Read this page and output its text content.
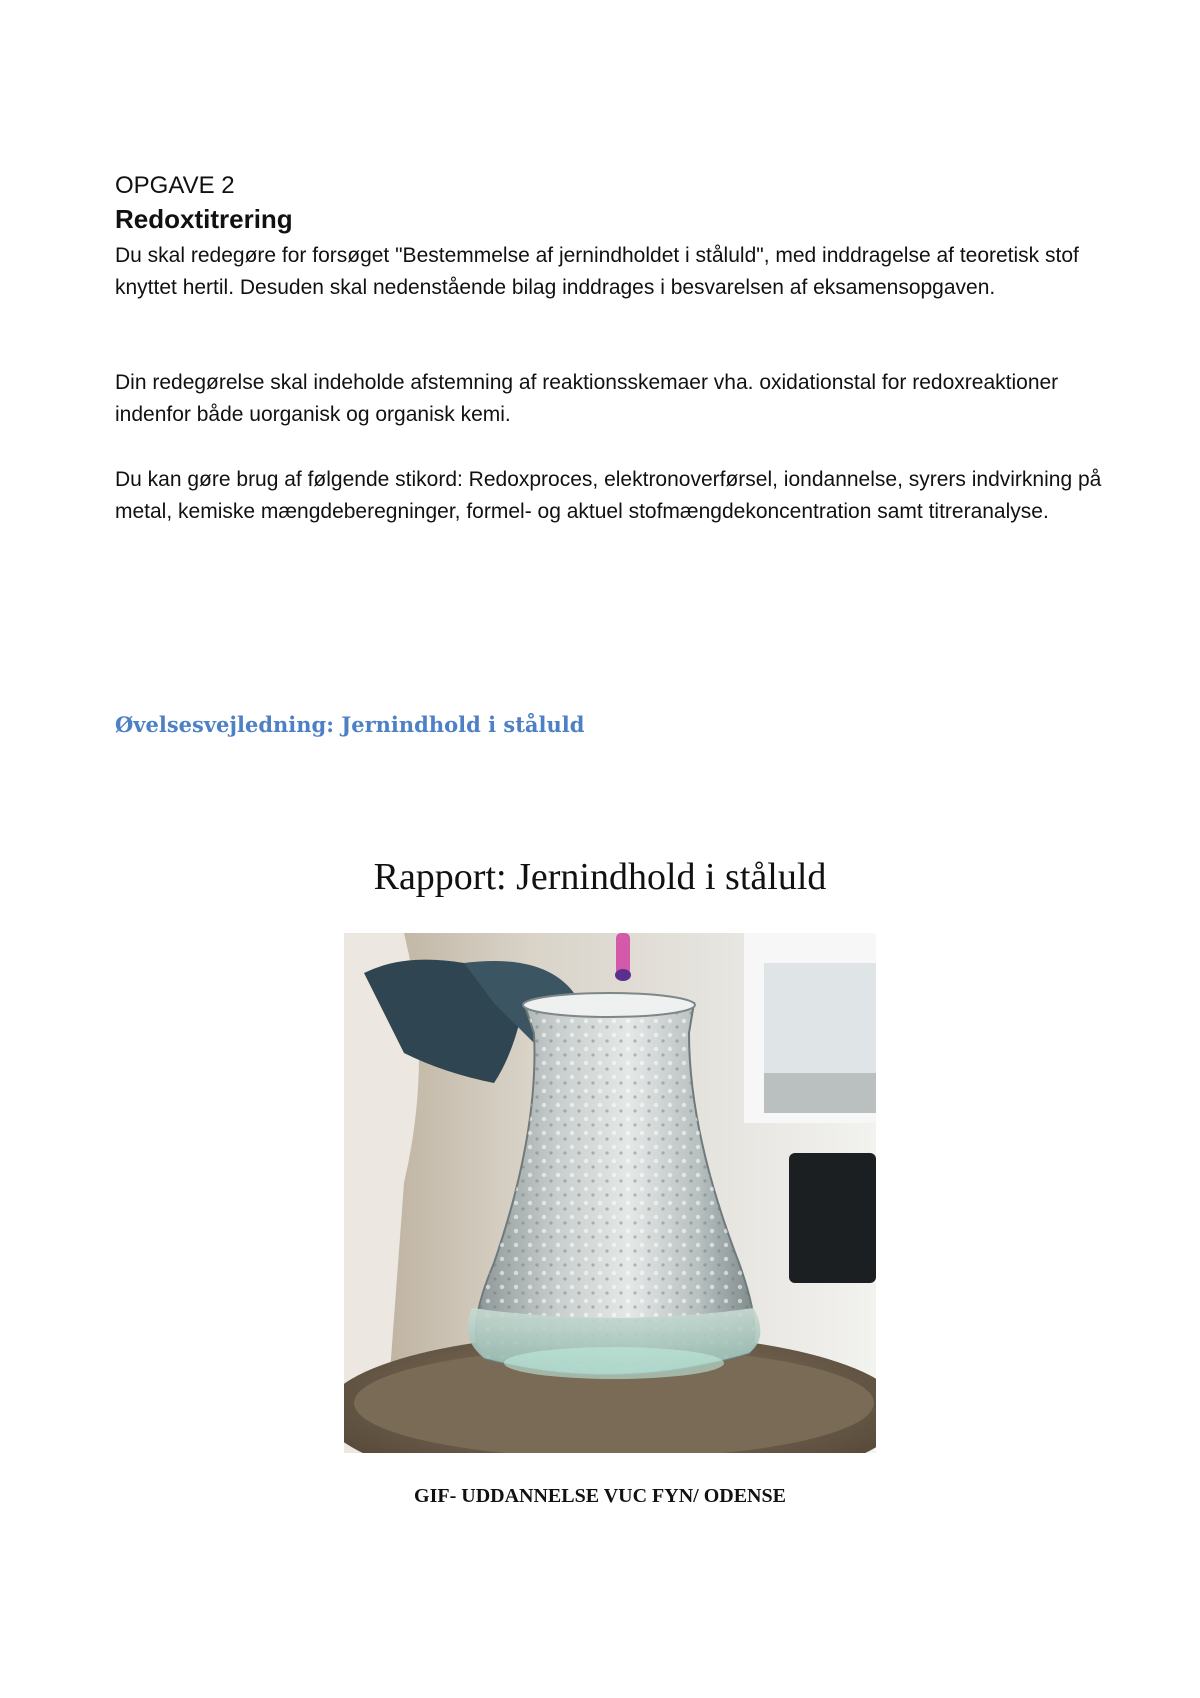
OPGAVE 2
Redoxtitrering

Du skal redegøre for forsøget "Bestemmelse af jernindholdet i ståluld", med inddragelse af teoretisk stof knyttet hertil. Desuden skal nedenstående bilag inddrages i besvarelsen af eksamensopgaven.

Din redegørelse skal indeholde afstemning af reaktionsskemaer vha. oxidationstal for redoxreaktioner indenfor både uorganisk og organisk kemi.

Du kan gøre brug af følgende stikord: Redoxproces, elektronoverførsel, iondannelse, syrers indvirkning på metal, kemiske mængdeberegninger, formel- og aktuel stofmængdekoncentration samt titreranalyse.

Øvelsesvejledning: Jernindhold i ståluld
Rapport: Jernindhold i ståluld

GIF- UDDANNELSE VUC FYN/ ODENSE
